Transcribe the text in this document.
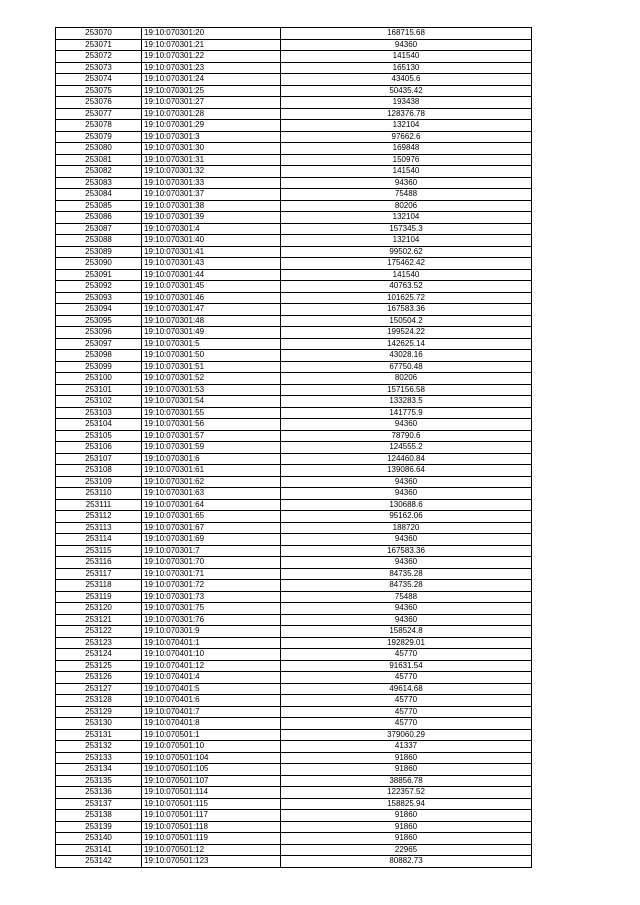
253070	19:10:070301:20	168715.68
253071	19:10:070301:21	94360
253072	19:10:070301:22	141540
253073	19:10:070301:23	165130
253074	19:10:070301:24	43405.6
253075	19:10:070301:25	50435.42
253076	19:10:070301:27	193438
253077	19:10:070301:28	128376.78
253078	19:10:070301:29	132104
253079	19:10:070301:3	97662.6
253080	19:10:070301:30	169848
253081	19:10:070301:31	150976
253082	19:10:070301:32	141540
253083	19:10:070301:33	94360
253084	19:10:070301:37	75488
253085	19:10:070301:38	80206
253086	19:10:070301:39	132104
253087	19:10:070301:4	157345.3
253088	19:10:070301:40	132104
253089	19:10:070301:41	99502.62
253090	19:10:070301:43	175462.42
253091	19:10:070301:44	141540
253092	19:10:070301:45	40763.52
253093	19:10:070301:46	101625.72
253094	19:10:070301:47	167583.36
253095	19:10:070301:48	150504.2
253096	19:10:070301:49	199524.22
253097	19:10:070301:5	142625.14
253098	19:10:070301:50	43028.16
253099	19:10:070301:51	67750.48
253100	19:10:070301:52	80206
253101	19:10:070301:53	157156.58
253102	19:10:070301:54	133283.5
253103	19:10:070301:55	141775.9
253104	19:10:070301:56	94360
253105	19:10:070301:57	78790.6
253106	19:10:070301:59	124555.2
253107	19:10:070301:6	124460.84
253108	19:10:070301:61	139086.64
253109	19:10:070301:62	94360
253110	19:10:070301:63	94360
253111	19:10:070301:64	130688.6
253112	19:10:070301:65	95162.06
253113	19:10:070301:67	188720
253114	19:10:070301:69	94360
253115	19:10:070301:7	167583.36
253116	19:10:070301:70	94360
253117	19:10:070301:71	84735.28
253118	19:10:070301:72	84735.28
253119	19:10:070301:73	75488
253120	19:10:070301:75	94360
253121	19:10:070301:76	94360
253122	19:10:070301:9	158524.8
253123	19:10:070401:1	192829.01
253124	19:10:070401:10	45770
253125	19:10:070401:12	91631.54
253126	19:10:070401:4	45770
253127	19:10:070401:5	49614.68
253128	19:10:070401:6	45770
253129	19:10:070401:7	45770
253130	19:10:070401:8	45770
253131	19:10:070501:1	379060.29
253132	19:10:070501:10	41337
253133	19:10:070501:104	91860
253134	19:10:070501:105	91860
253135	19:10:070501:107	38856.78
253136	19:10:070501:114	122357.52
253137	19:10:070501:115	158825.94
253138	19:10:070501:117	91860
253139	19:10:070501:118	91860
253140	19:10:070501:119	91860
253141	19:10:070501:12	22965
253142	19:10:070501:123	80882.73
